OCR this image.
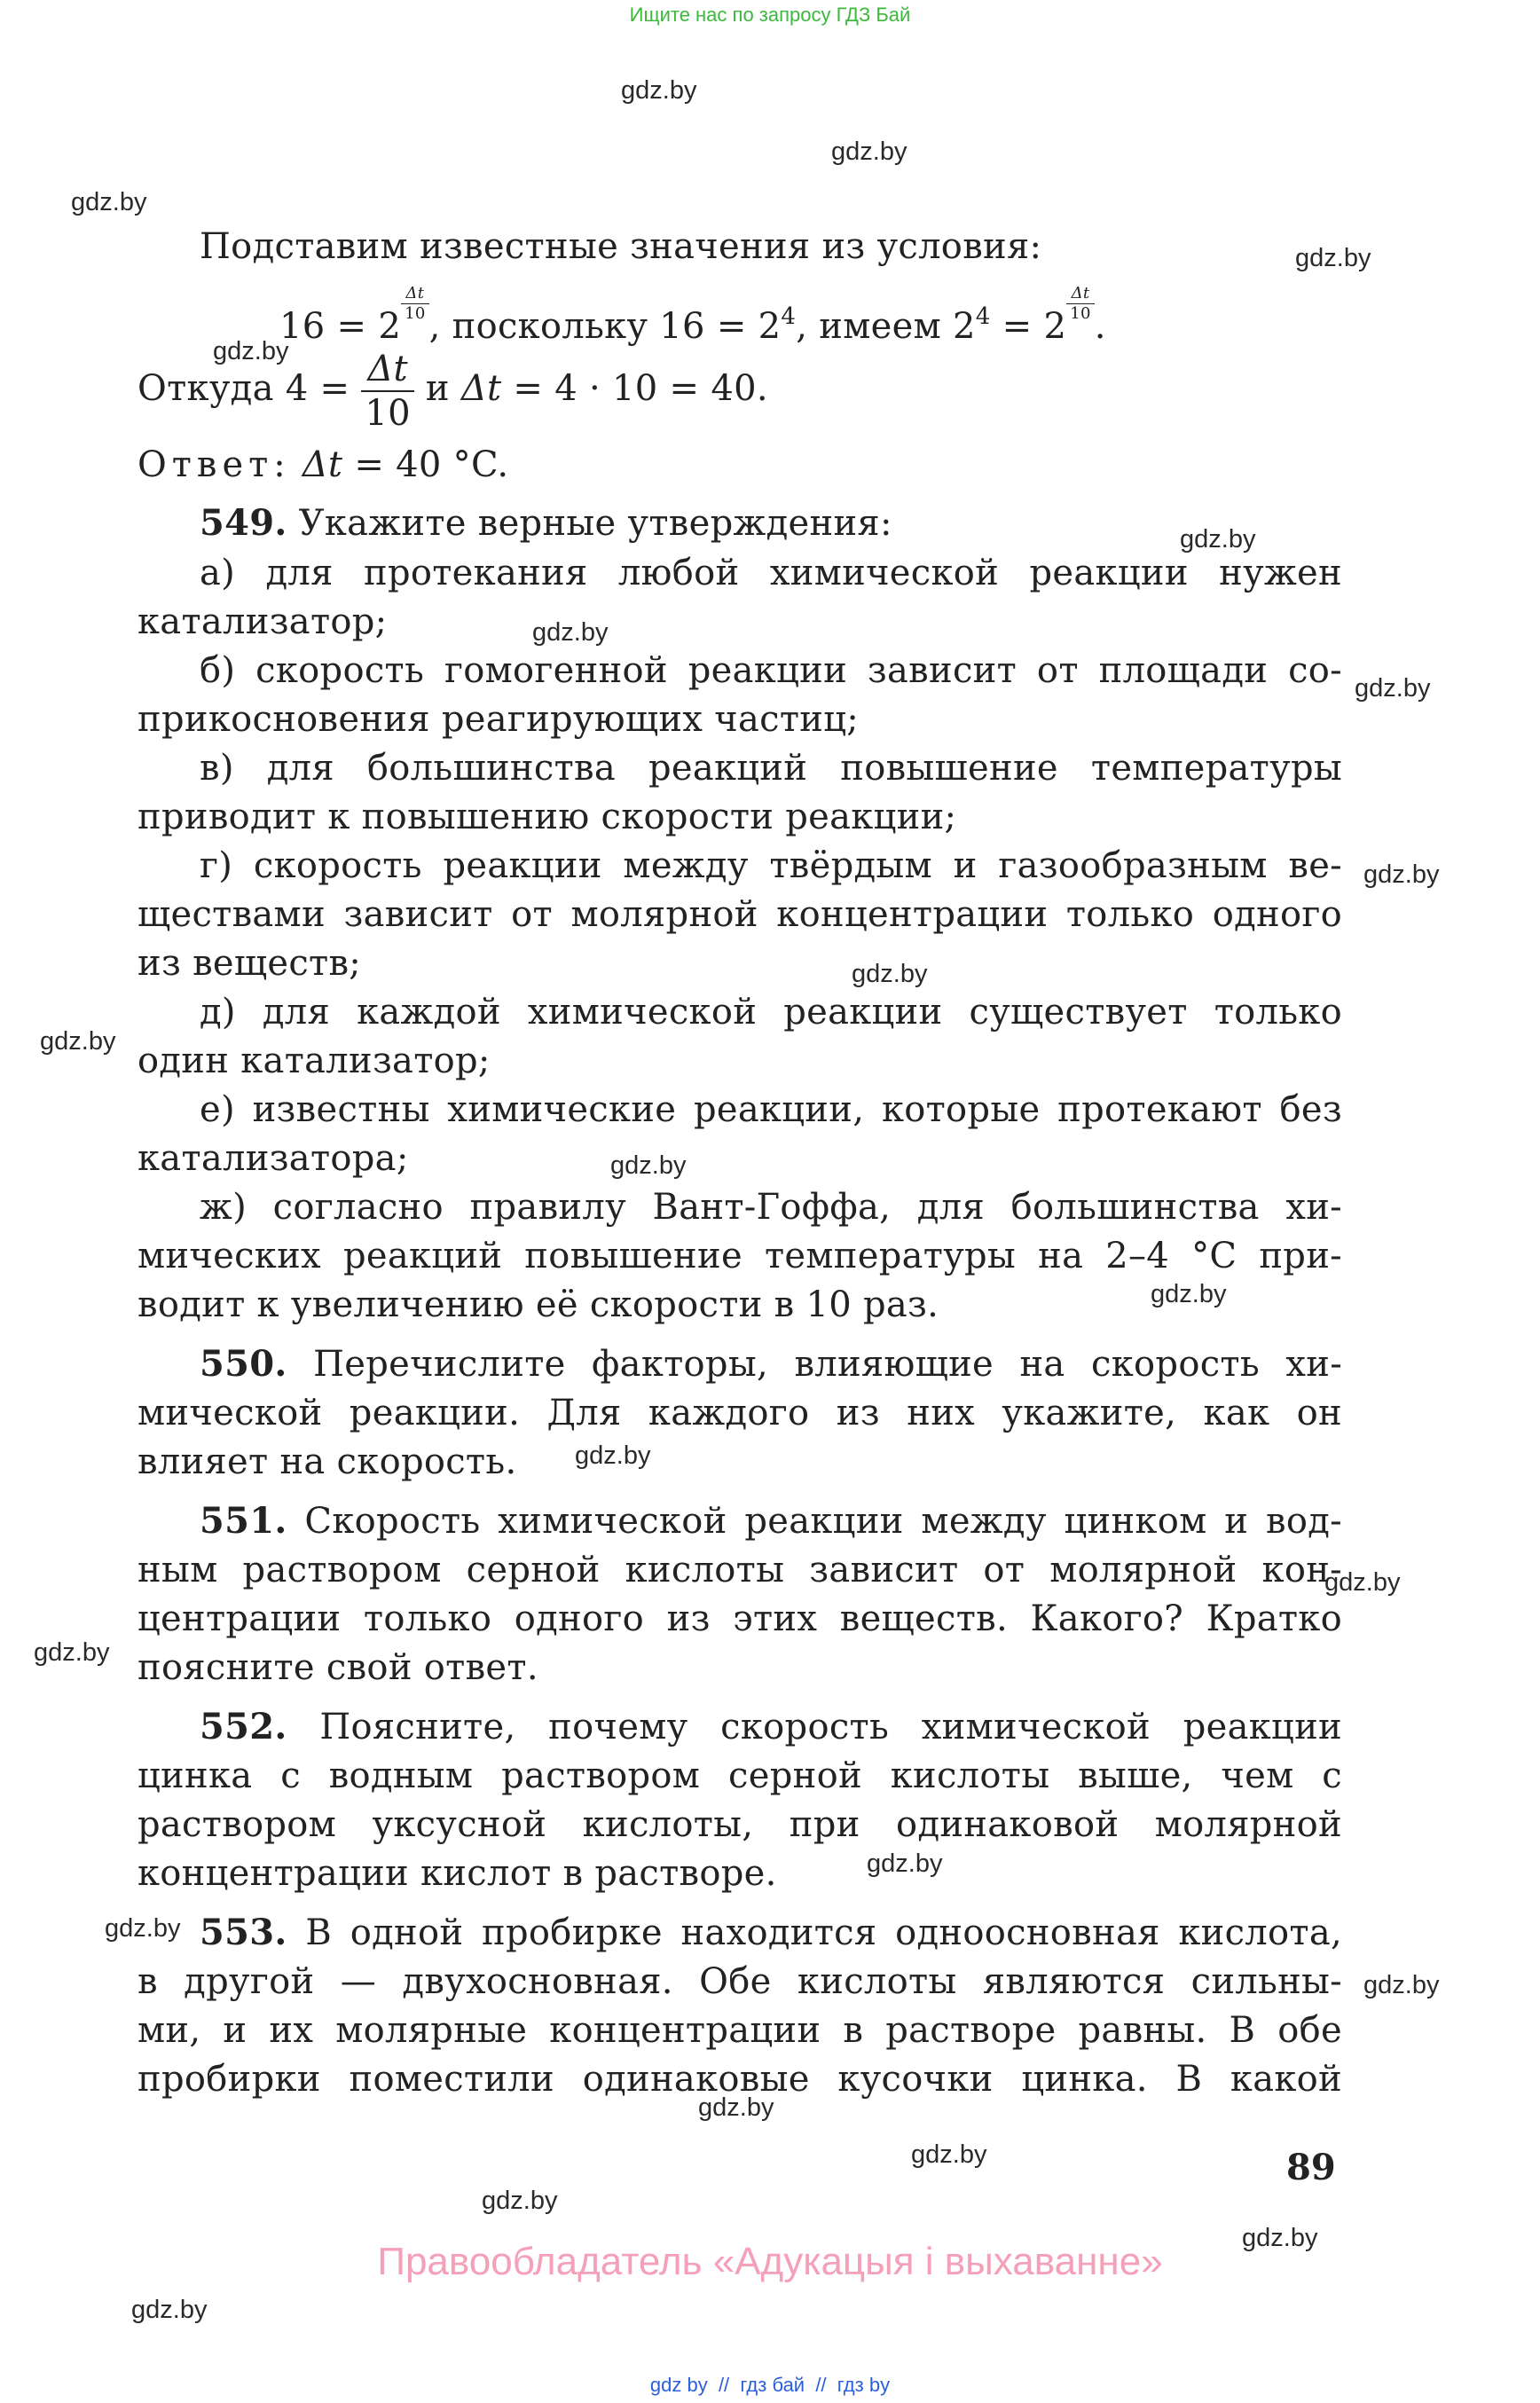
Ищите нас по запросу ГДЗ Бай
gdz.by
gdz.by
gdz.by
gdz.by
gdz.by
gdz.by
gdz.by
gdz.by
gdz.by
gdz.by
gdz.by
gdz.by
gdz.by
gdz.by
gdz.by
gdz.by
gdz.by
gdz.by
gdz.by
gdz.by
gdz.by
gdz.by
gdz.by
gdz.by
Подставим известные значения из условия:
16 = 2
$\frac{\Delta t}{10}$
, поскольку $16 = 2^4$, имеем $2^4 = 2$
$\frac{\Delta t}{10}$
.
Откуда $4 = \frac{\Delta t}{10}$ и Δt = 4 · 10 = 40.
Ответ: Δt = 40 °C.
549. Укажите верные утверждения:
а) для протекания любой химической реакции нужен
катализатор;
б) скорость гомогенной реакции зависит от площади со-
прикосновения реагирующих частиц;
в) для большинства реакций повышение температуры
приводит к повышению скорости реакции;
г) скорость реакции между твёрдым и газообразным ве-
ществами зависит от молярной концентрации только одного
из веществ;
д) для каждой химической реакции существует только
один катализатор;
е) известны химические реакции, которые протекают без
катализатора;
ж) согласно правилу Вант-Гоффа, для большинства хи-
мических реакций повышение температуры на 2–4 °C при-
водит к увеличению её скорости в 10 раз.
550. Перечислите факторы, влияющие на скорость хи-
мической реакции. Для каждого из них укажите, как он
влияет на скорость.
551. Скорость химической реакции между цинком и вод-
ным раствором серной кислоты зависит от молярной кон-
центрации только одного из этих веществ. Какого? Кратко
поясните свой ответ.
552. Поясните, почему скорость химической реакции
цинка с водным раствором серной кислоты выше, чем с
раствором уксусной кислоты, при одинаковой молярной
концентрации кислот в растворе.
553. В одной пробирке находится одноосновная кислота,
в другой — двухосновная. Обе кислоты являются сильны-
ми, и их молярные концентрации в растворе равны. В обе
пробирки поместили одинаковые кусочки цинка. В какой
89
Правообладатель «Адукацыя і выхаванне»
gdz by  //  гдз бай  //  гдз by
